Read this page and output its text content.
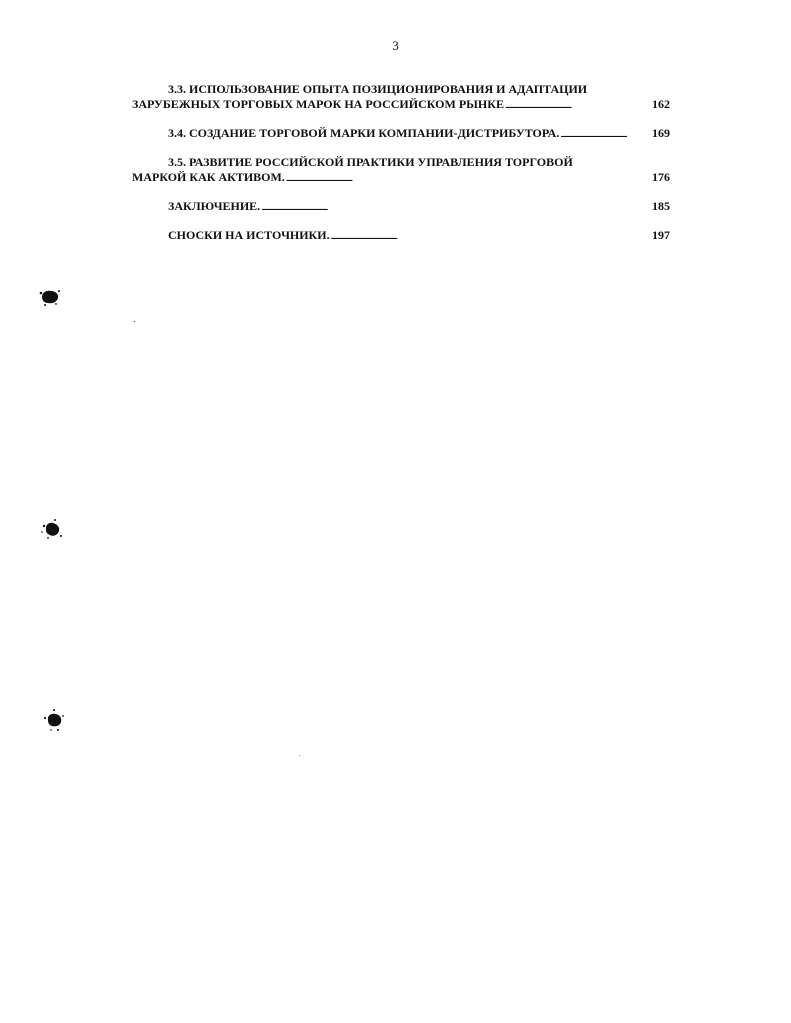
3
3.3. ИСПОЛЬЗОВАНИЕ ОПЫТА ПОЗИЦИОНИРОВАНИЯ И АДАПТАЦИИ
ЗАРУБЕЖНЫХ ТОРГОВЫХ МАРОК НА РОССИЙСКОМ РЫНКЕ . . .	162
3.4. СОЗДАНИЕ ТОРГОВОЙ МАРКИ КОМПАНИИ-ДИСТРИБУТОРА. . . .	169
3.5. РАЗВИТИЕ РОССИЙСКОЙ ПРАКТИКИ УПРАВЛЕНИЯ ТОРГОВОЙ
МАРКОЙ КАК АКТИВОМ. . . .	176
ЗАКЛЮЧЕНИЕ. . . .	185
СНОСКИ НА ИСТОЧНИКИ. . . .	197
